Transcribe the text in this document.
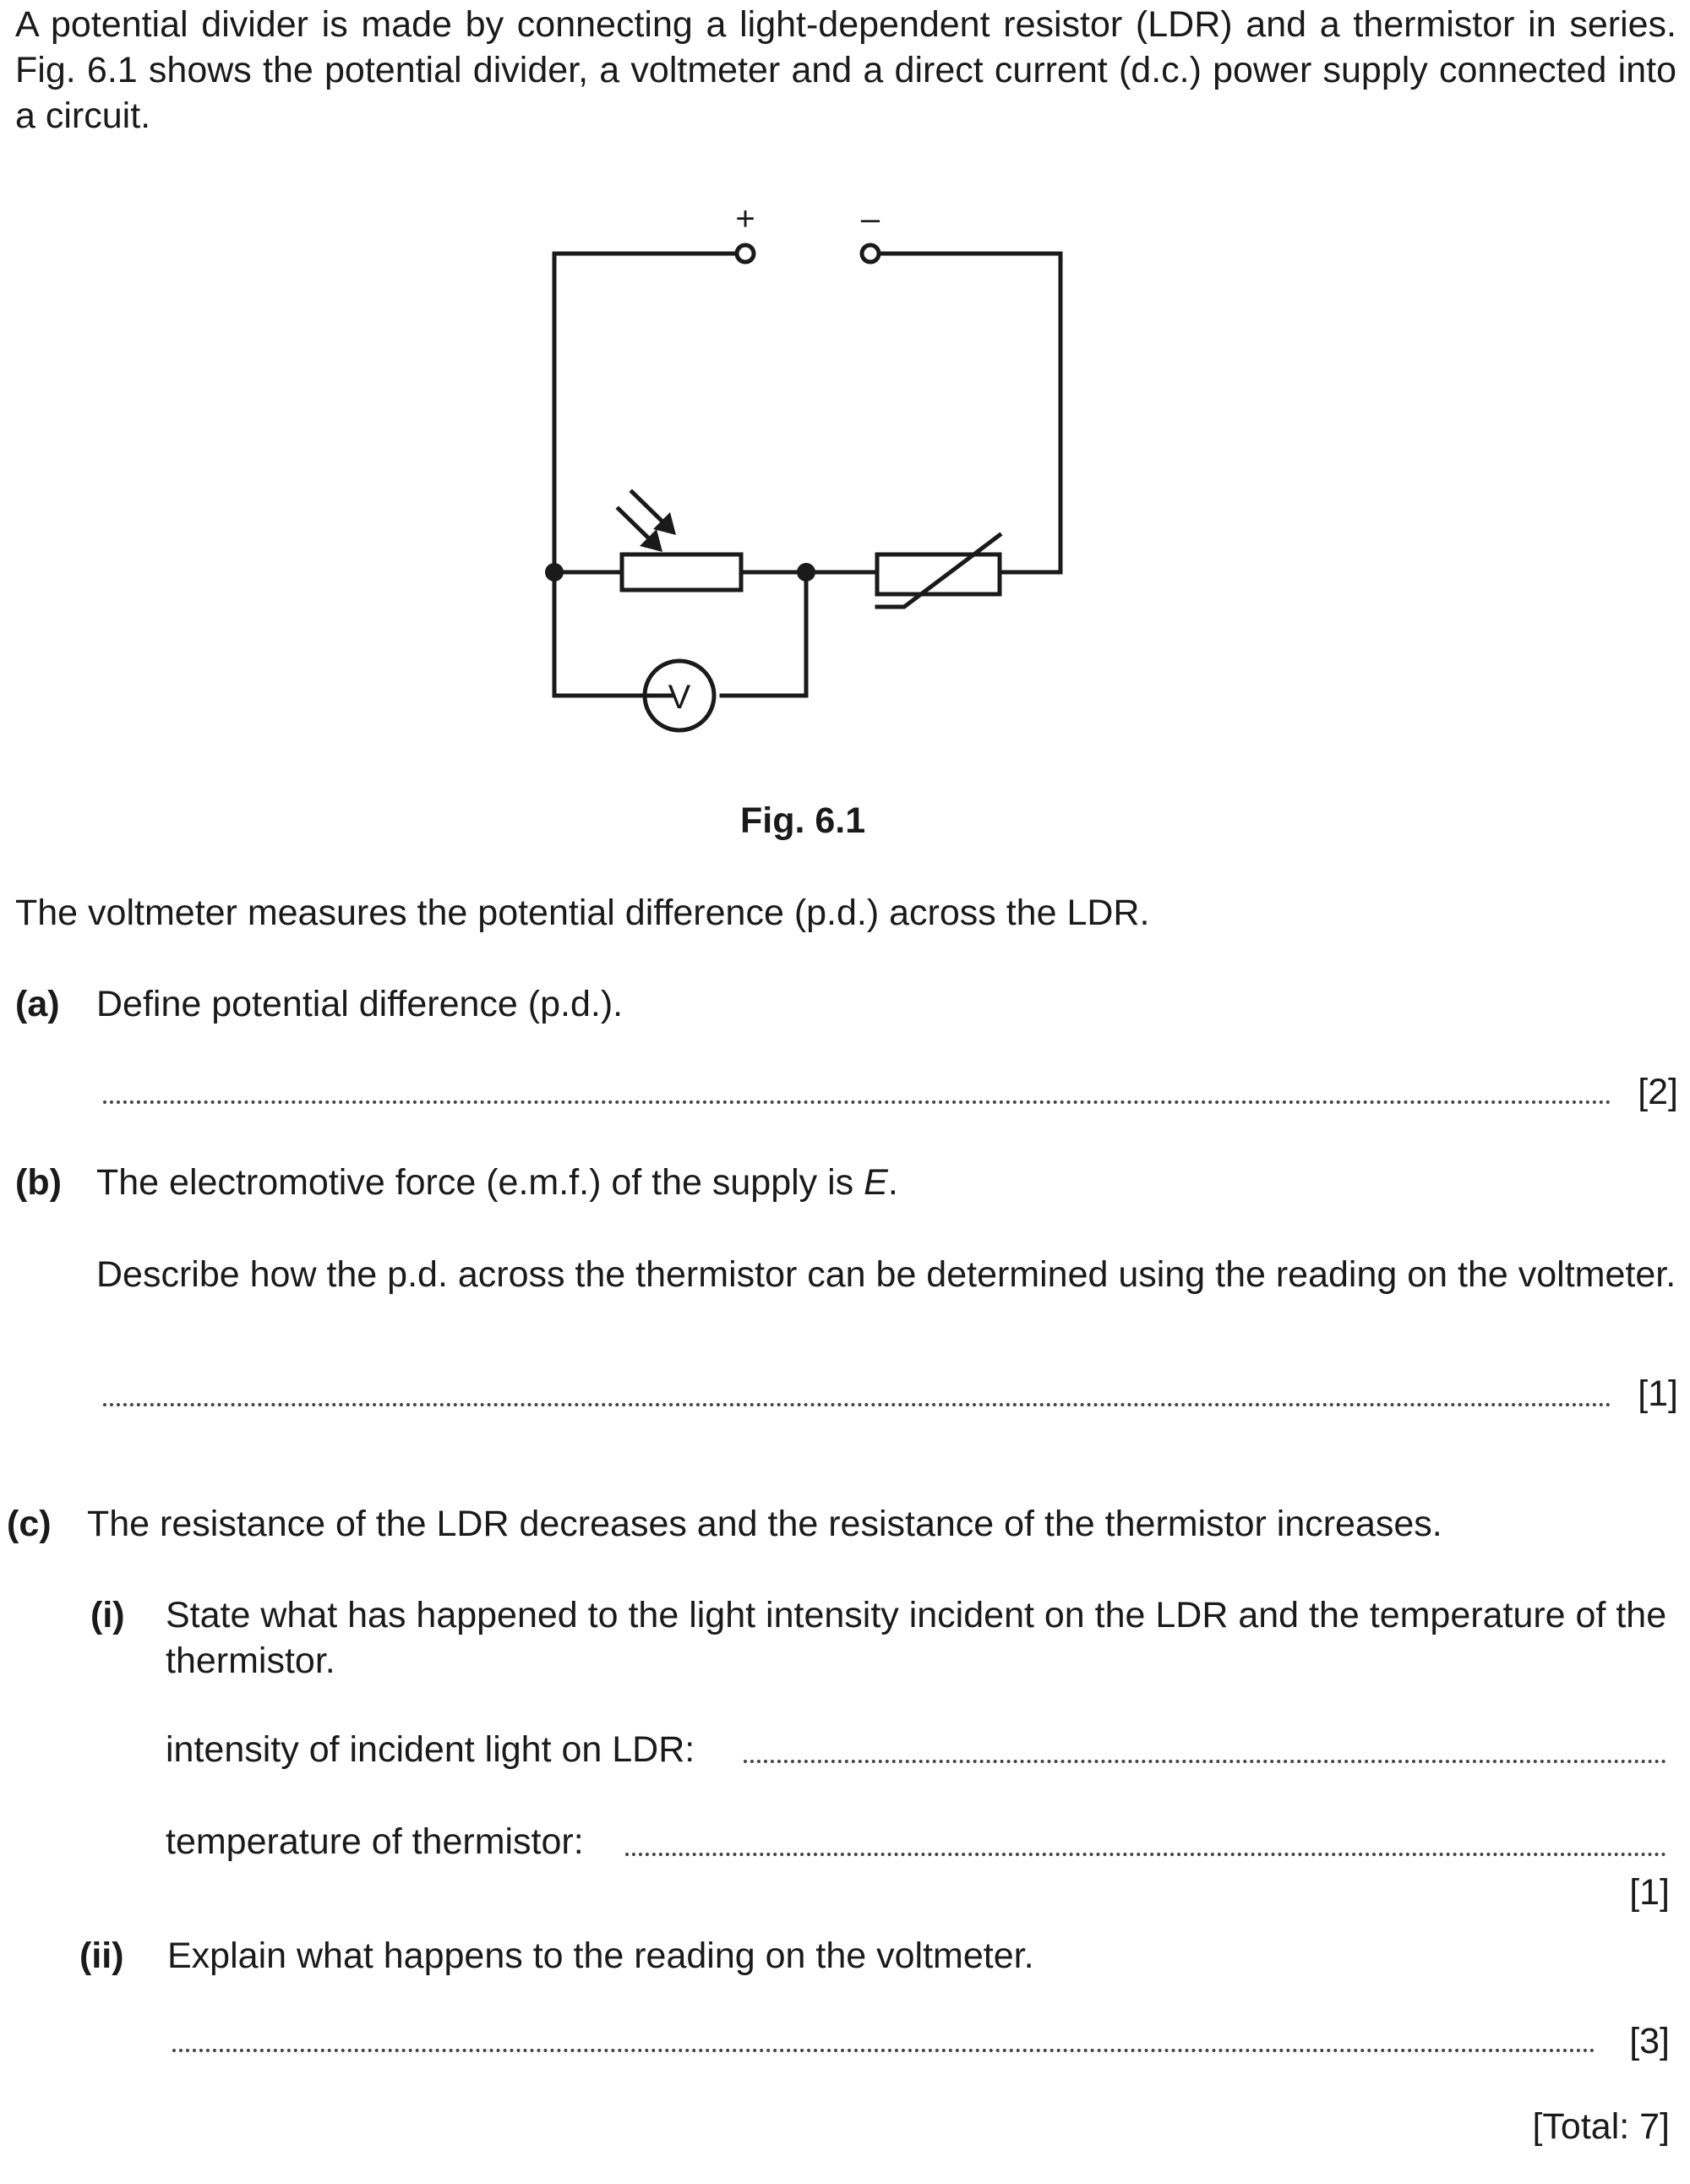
A potential divider is made by connecting a light-dependent resistor (LDR) and a thermistor in series. Fig. 6.1 shows the potential divider, a voltmeter and a direct current (d.c.) power supply connected into a circuit.
+	–
V
Fig. 6.1
The voltmeter measures the potential difference (p.d.) across the LDR.
(a) Define potential difference (p.d.).
[2]
(b) The electromotive force (e.m.f.) of the supply is E.
Describe how the p.d. across the thermistor can be determined using the reading on the voltmeter.
[1]
(c) The resistance of the LDR decreases and the resistance of the thermistor increases.
(i) State what has happened to the light intensity incident on the LDR and the temperature of the thermistor.
intensity of incident light on LDR:
temperature of thermistor:
[1]
(ii) Explain what happens to the reading on the voltmeter.
[3]
[Total: 7]
